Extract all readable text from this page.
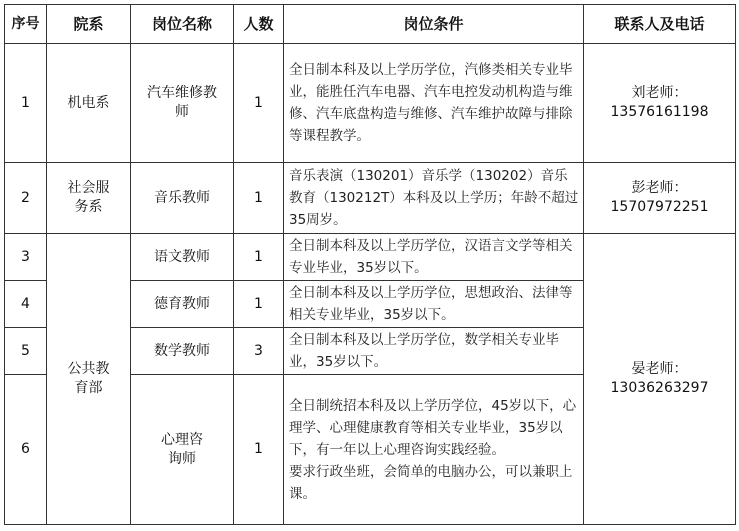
序号	院系	岗位名称	人数	岗位条件	联系人及电话
1	机电系	汽车维修教师	1	全日制本科及以上学历学位，汽修类相关专业毕业，能胜任汽车电器、汽车电控发动机构造与维修、汽车底盘构造与维修、汽车维护故障与排除等课程教学。	刘老师：
13576161198

2	社会服务系	音乐教师	1	音乐表演（130201）音乐学（130202）音乐教育（130212T）本科及以上学历；年龄不超过35周岁。	彭老师：
15707972251

3	公共教育部	语文教师	1	全日制本科及以上学历学位，汉语言文学等相关专业毕业，35岁以下。	晏老师：
13036263297

4		德育教师	1	全日制本科及以上学历学位，思想政治、法律等相关专业毕业，35岁以下。	
5		数学教师	3	全日制本科及以上学历学位，数学相关专业毕业，35岁以下。	
6		心理咨询师	1	全日制统招本科及以上学历学位，45岁以下，心理学、心理健康教育等相关专业毕业，35岁以下，有一年以上心理咨询实践经验。
要求行政坐班，会简单的电脑办公，可以兼职上课。	
